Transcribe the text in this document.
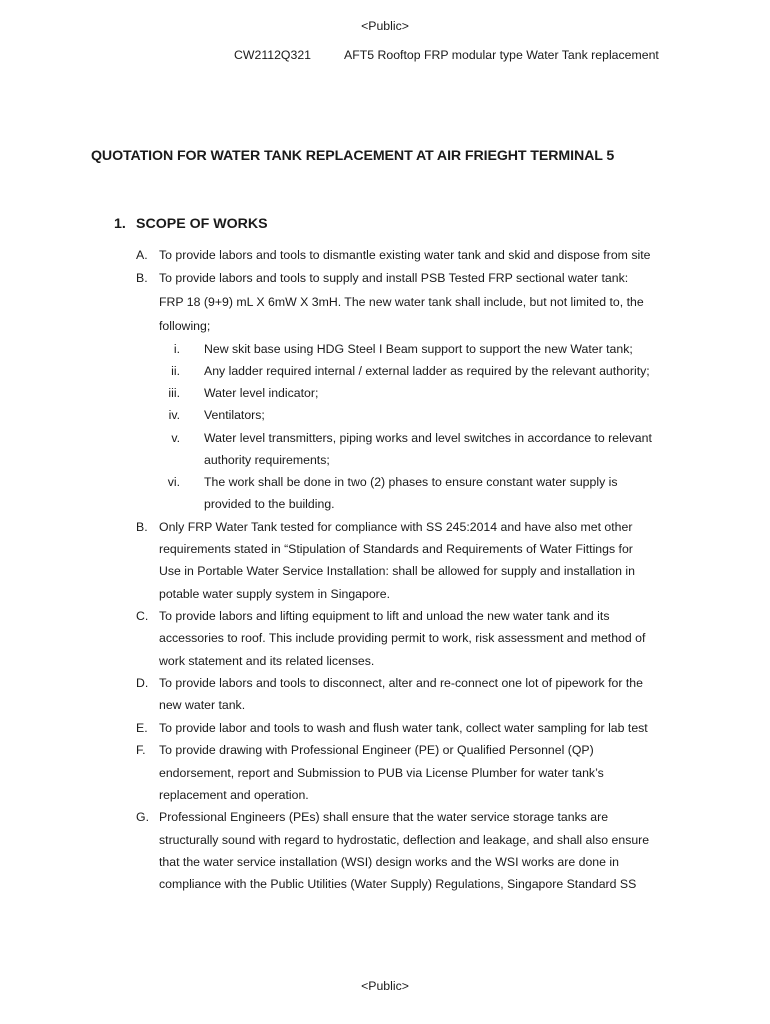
<Public>
CW2112Q321	AFT5 Rooftop FRP modular type Water Tank replacement
QUOTATION FOR WATER TANK REPLACEMENT AT AIR FRIEGHT TERMINAL 5
1. SCOPE OF WORKS
A. To provide labors and tools to dismantle existing water tank and skid and dispose from site
B. To provide labors and tools to supply and install PSB Tested FRP sectional water tank:
FRP 18 (9+9) mL X 6mW X 3mH. The new water tank shall include, but not limited to, the
following;
i. New skit base using HDG Steel I Beam support to support the new Water tank;
ii. Any ladder required internal / external ladder as required by the relevant authority;
iii. Water level indicator;
iv. Ventilators;
v. Water level transmitters, piping works and level switches in accordance to relevant
authority requirements;
vi. The work shall be done in two (2) phases to ensure constant water supply is
provided to the building.
B. Only FRP Water Tank tested for compliance with SS 245:2014 and have also met other
requirements stated in “Stipulation of Standards and Requirements of Water Fittings for
Use in Portable Water Service Installation: shall be allowed for supply and installation in
potable water supply system in Singapore.
C. To provide labors and lifting equipment to lift and unload the new water tank and its
accessories to roof. This include providing permit to work, risk assessment and method of
work statement and its related licenses.
D. To provide labors and tools to disconnect, alter and re-connect one lot of pipework for the
new water tank.
E. To provide labor and tools to wash and flush water tank, collect water sampling for lab test
F. To provide drawing with Professional Engineer (PE) or Qualified Personnel (QP)
endorsement, report and Submission to PUB via License Plumber for water tank’s
replacement and operation.
G. Professional Engineers (PEs) shall ensure that the water service storage tanks are
structurally sound with regard to hydrostatic, deflection and leakage, and shall also ensure
that the water service installation (WSI) design works and the WSI works are done in
compliance with the Public Utilities (Water Supply) Regulations, Singapore Standard SS
<Public>
